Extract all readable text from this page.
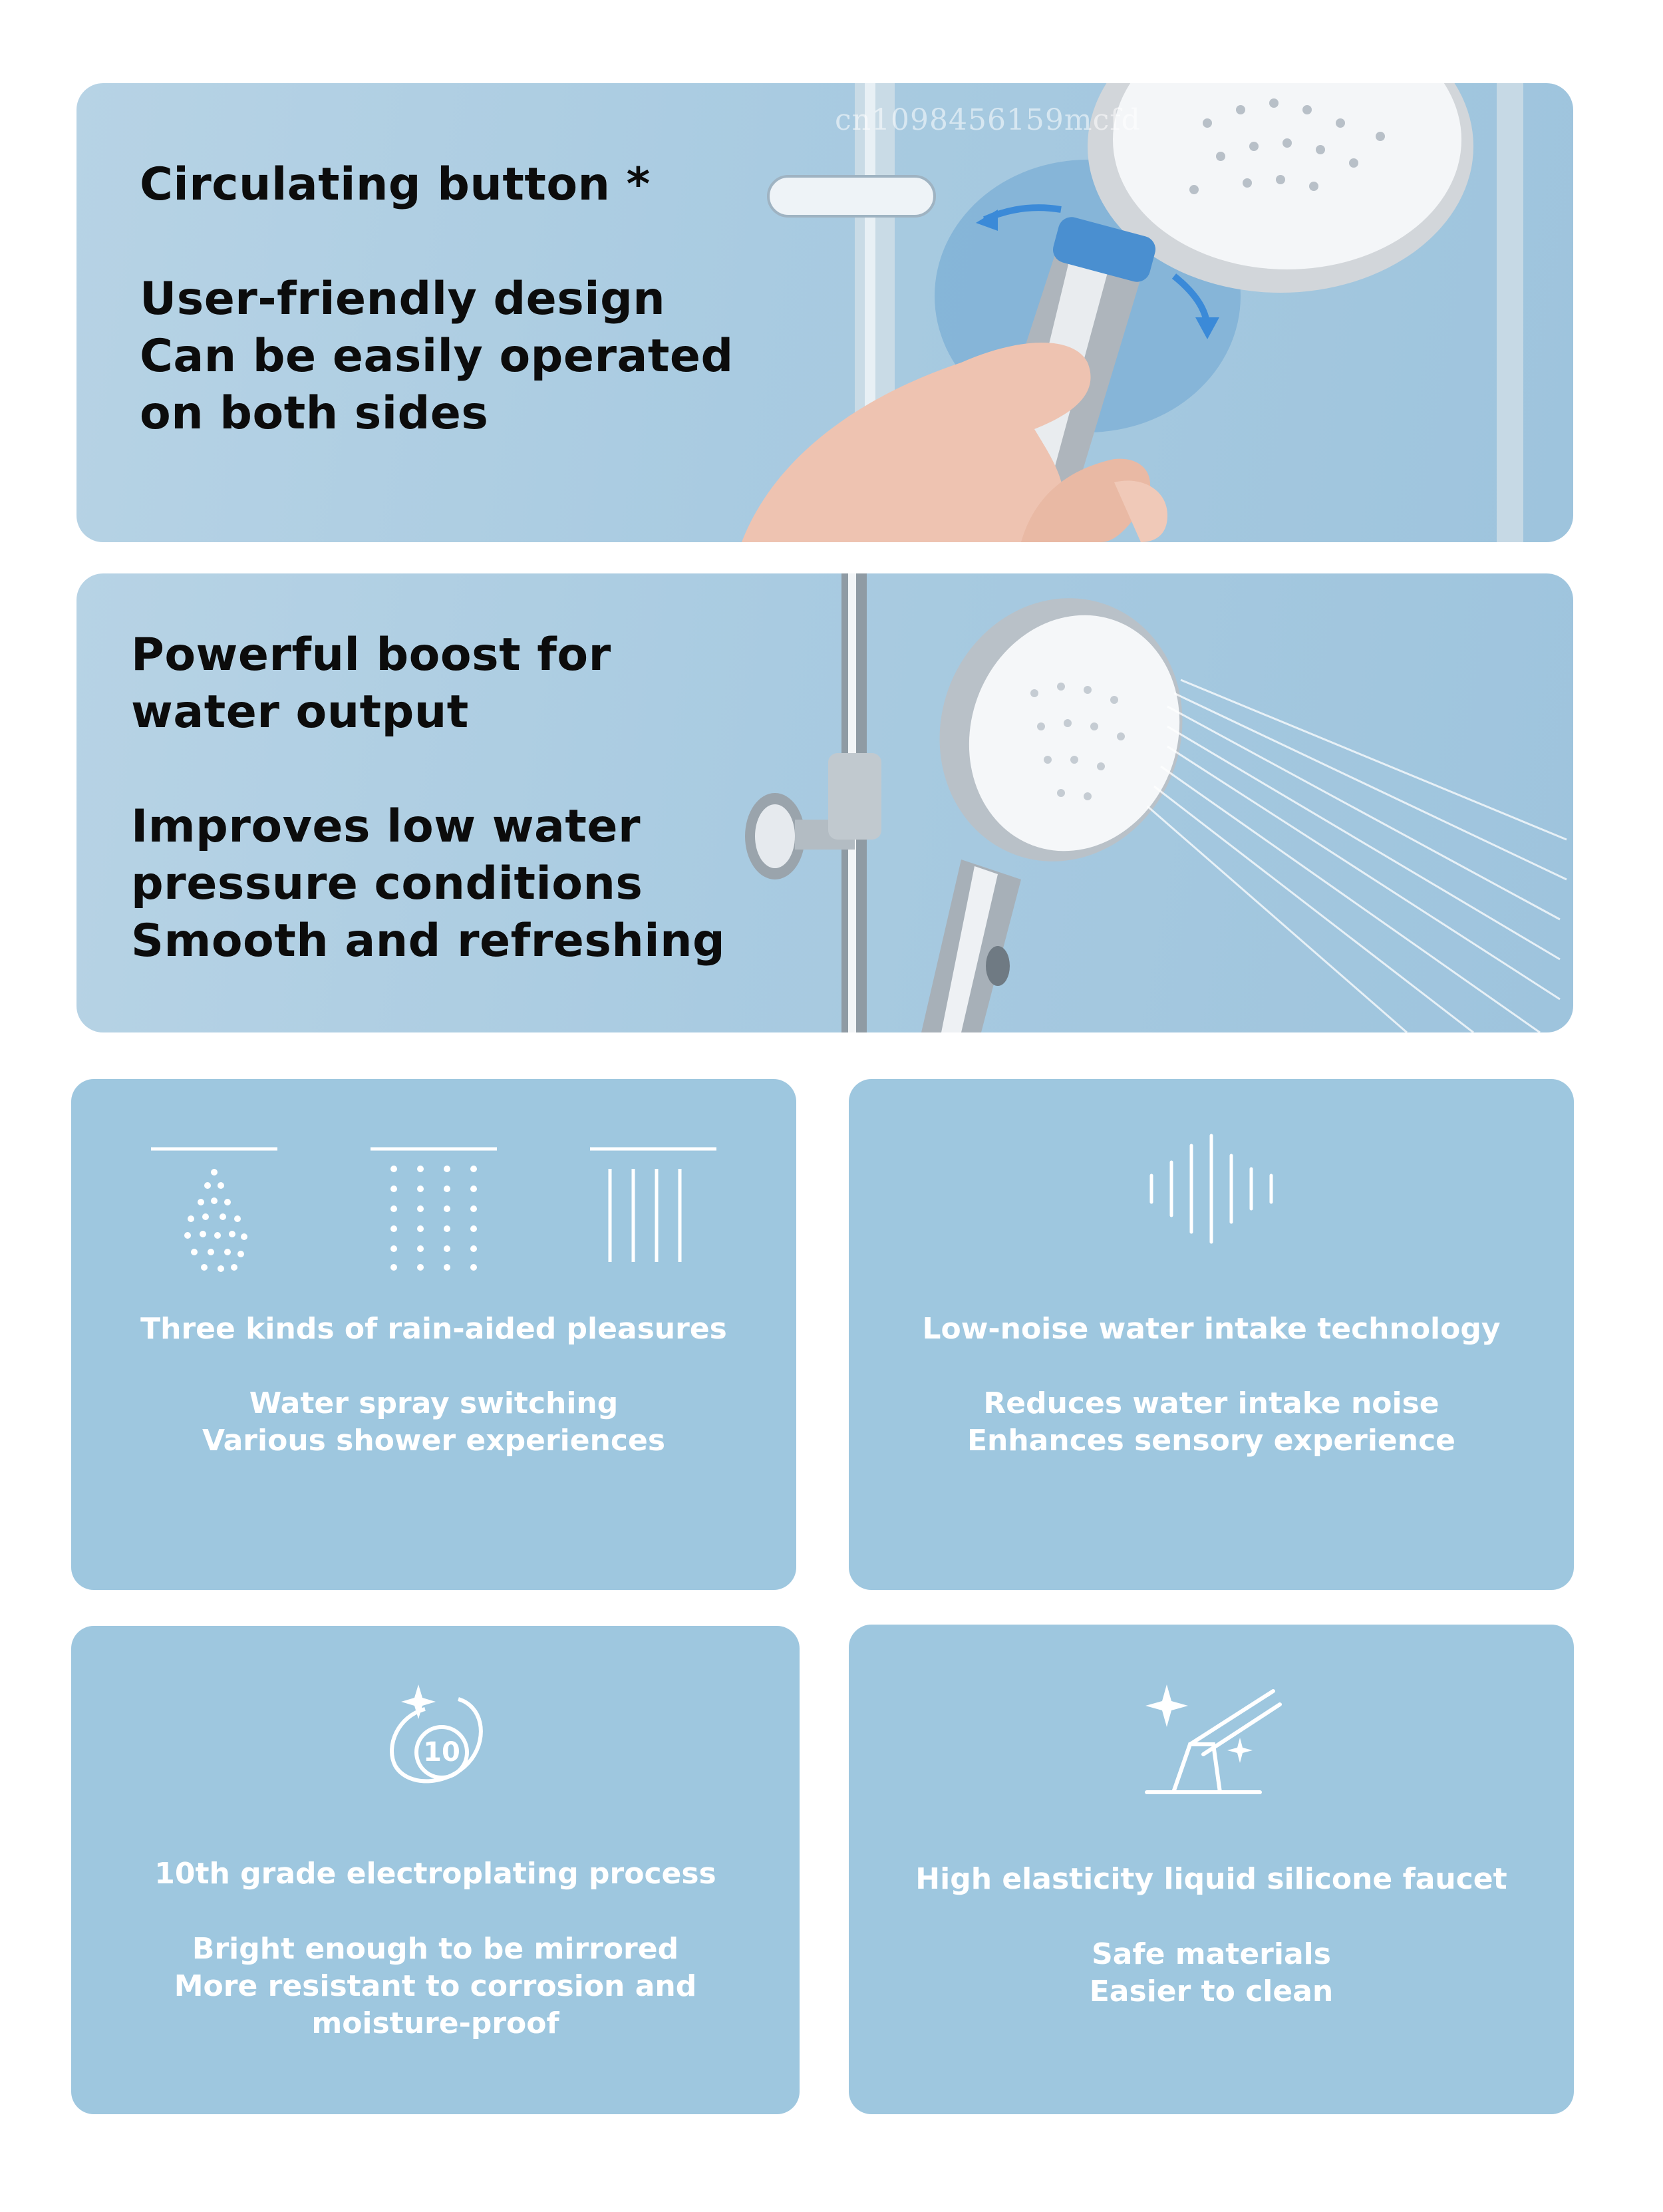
cn1098456159mcfd
Circulating button *
User-friendly design
Can be easily operated
on both sides
Powerful boost for
water output
Improves low water
pressure conditions
Smooth and refreshing
Three kinds of rain-aided pleasures
Water spray switching
Various shower experiences
Low-noise water intake technology
Reduces water intake noise
Enhances sensory experience
10
10th grade electroplating process
Bright enough to be mirrored
More resistant to corrosion and
moisture-proof
High elasticity liquid silicone faucet
Safe materials
Easier to clean
